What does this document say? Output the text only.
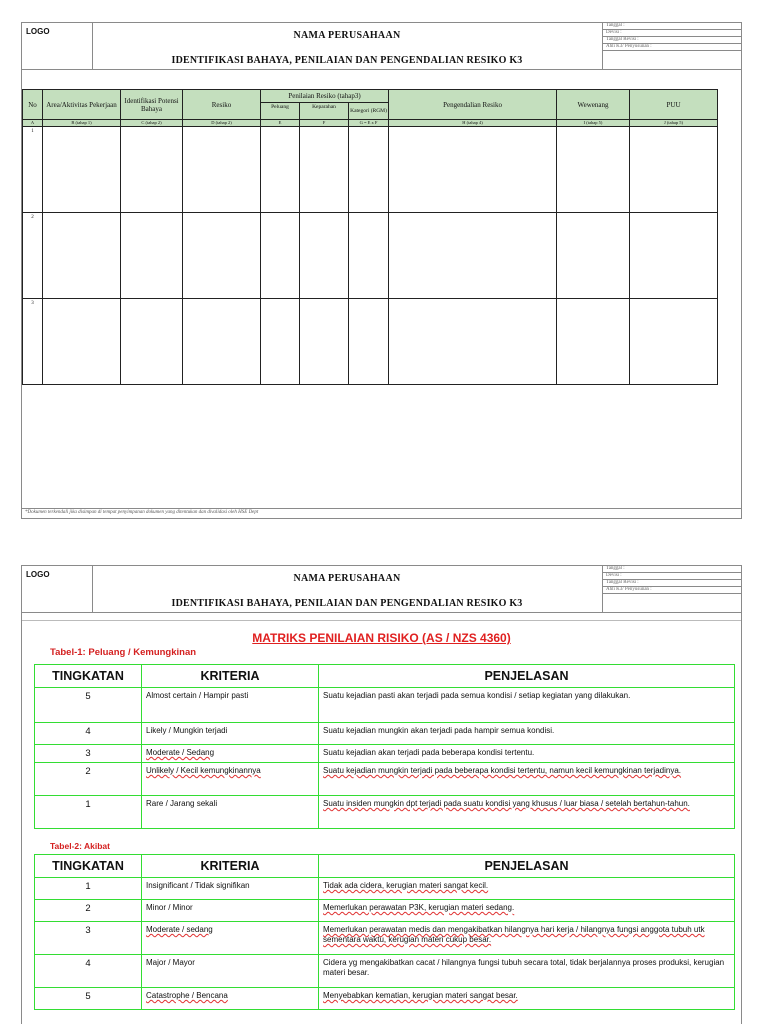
LOGO	NAMA PERUSAHAAN
IDENTIFIKASI BAHAYA, PENILAIAN DAN PENGENDALIAN RESIKO K3
Tanggal :
Devisi :
Tanggal Revisi :
Ahli K3/ Penyusunan :
No	Area/Aktivitas Pekerjaan	Identifikasi Potensi Bahaya	Resiko	Penilaian Resiko (tahap3)			Pengendalian Resiko	Wewenang	PUU
				Peluang	Keparahan	Kategori (RGM)			
A	B (tahap 1)	C (tahap 2)	D (tahap 2)	E	F	G = E x F	H (tahap 4)	I (tahap 5)	J (tahap 5)
1									
2									
3									
*Dokumen terkendali jika disimpan di tempat penyimpanan dokumen yang ditentukan dan divalidasi oleh HSE Dept
LOGO	NAMA PERUSAHAAN
IDENTIFIKASI BAHAYA, PENILAIAN DAN PENGENDALIAN RESIKO K3
Tanggal :
Devisi :
Tanggal Revisi :
Ahli K3/ Penyusunan :
MATRIKS PENILAIAN RISIKO (AS / NZS 4360)
Tabel-1: Peluang / Kemungkinan
TINGKATAN	KRITERIA	PENJELASAN
5	Almost certain / Hampir pasti	Suatu kejadian pasti akan terjadi pada semua kondisi / setiap kegiatan yang dilakukan.
4	Likely / Mungkin terjadi	Suatu kejadian mungkin akan terjadi pada hampir semua kondisi.
3	Moderate / Sedang	Suatu kejadian akan terjadi pada beberapa kondisi tertentu.
2	Unlikely / Kecil kemungkinannya	Suatu kejadian mungkin terjadi pada beberapa kondisi tertentu, namun kecil kemungkinan terjadinya.
1	Rare / Jarang sekali	Suatu insiden mungkin dpt terjadi pada suatu kondisi yang khusus / luar biasa / setelah bertahun-tahun.
Tabel-2: Akibat
TINGKATAN	KRITERIA	PENJELASAN
1	Insignificant / Tidak signifikan	Tidak ada cidera, kerugian materi sangat kecil.
2	Minor / Minor	Memerlukan perawatan P3K, kerugian materi sedang.
3	Moderate / sedang	Memerlukan perawatan medis dan mengakibatkan hilangnya hari kerja / hilangnya fungsi anggota tubuh utk sementara waktu, kerugian materi cukup besar.
4	Major / Mayor	Cidera yg mengakibatkan cacat / hilangnya fungsi tubuh secara total, tidak berjalannya proses produksi, kerugian materi besar.
5	Catastrophe / Bencana	Menyebabkan kematian, kerugian materi sangat besar.
